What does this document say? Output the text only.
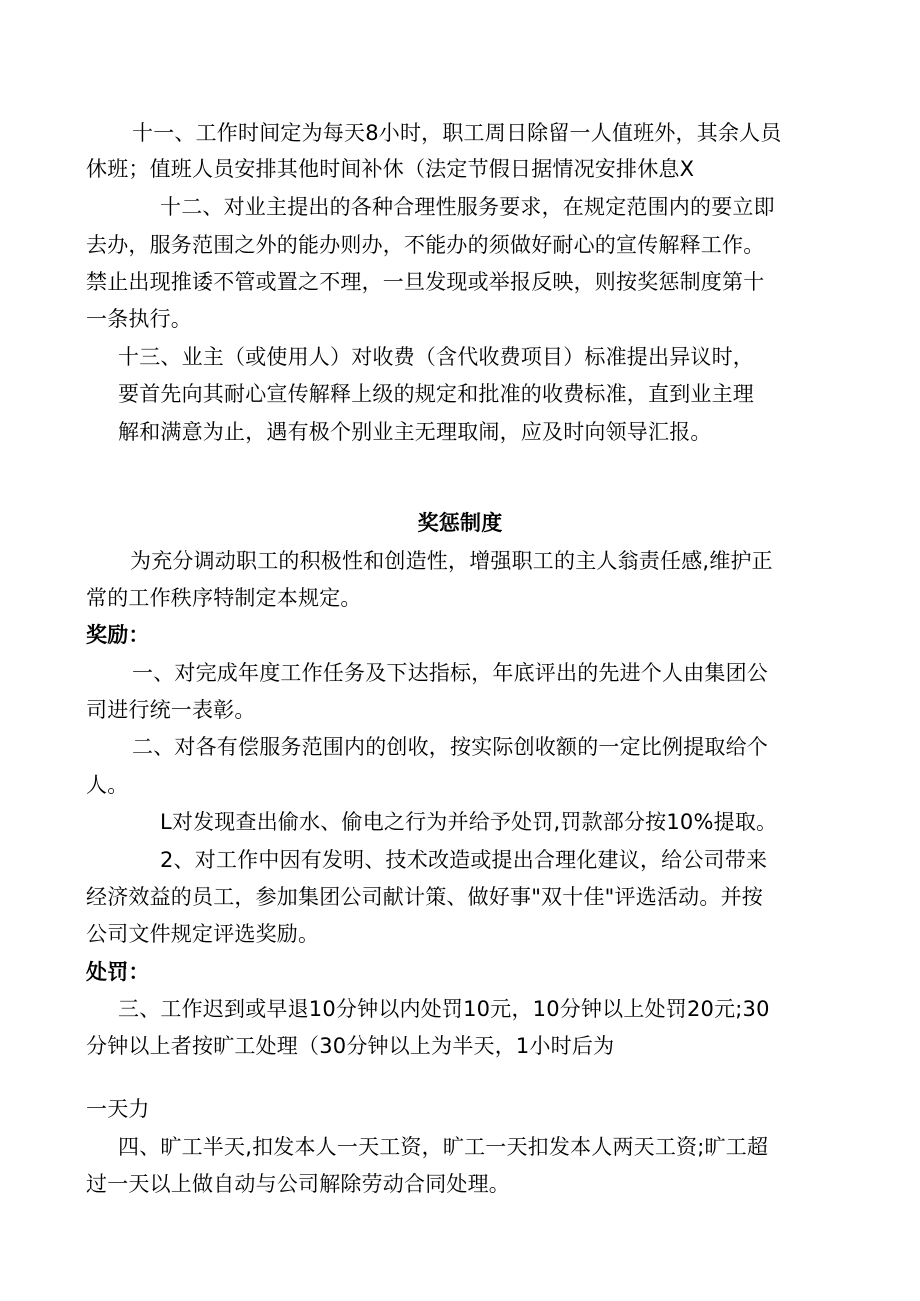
十一、工作时间定为每天8小时，职工周日除留一人值班外，其余人员
休班；值班人员安排其他时间补休（法定节假日据情况安排休息X
十二、对业主提出的各种合理性服务要求，在规定范围内的要立即
去办，服务范围之外的能办则办，不能办的须做好耐心的宣传解释工作。
禁止出现推诿不管或置之不理，一旦发现或举报反映，则按奖惩制度第十
一条执行。
十三、业主（或使用人）对收费（含代收费项目）标准提出异议时，
要首先向其耐心宣传解释上级的规定和批准的收费标准，直到业主理
解和满意为止，遇有极个别业主无理取闹，应及时向领导汇报。
奖惩制度
为充分调动职工的积极性和创造性，增强职工的主人翁责任感,维护正
常的工作秩序特制定本规定。
奖励：
一、对完成年度工作任务及下达指标，年底评出的先进个人由集团公
司进行统一表彰。
二、对各有偿服务范围内的创收，按实际创收额的一定比例提取给个
人。
L对发现查出偷水、偷电之行为并给予处罚,罚款部分按10%提取。
2、对工作中因有发明、技术改造或提出合理化建议，给公司带来
经济效益的员工，参加集团公司献计策、做好事"双十佳"评选活动。并按
公司文件规定评选奖励。
处罚：
三、工作迟到或早退10分钟以内处罚10元，10分钟以上处罚20元;30
分钟以上者按旷工处理（30分钟以上为半天，1小时后为
一天力
四、旷工半天,扣发本人一天工资，旷工一天扣发本人两天工资;旷工超
过一天以上做自动与公司解除劳动合同处理。
